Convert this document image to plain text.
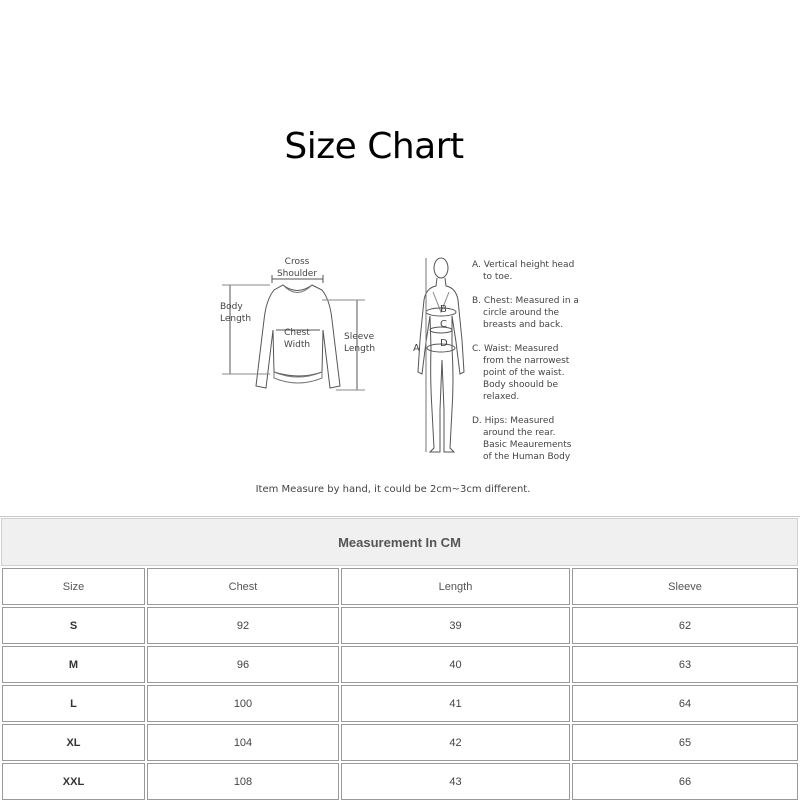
Size Chart
Cross
Shoulder
Body
Length
Chest
Width
Sleeve
Length	A
B
C
D
A. Vertical height head
to toe.
B. Chest: Measured in a
circle around the
breasts and back.
C. Waist: Measured
from the narrowest
point of the waist.
Body shoould be
relaxed.
D. Hips: Measured
around the rear.
Basic Meaurements
of the Human Body
Item Measure by hand, it could be 2cm~3cm different.
Measurement In CM
Size	Chest	Length	Sleeve
S	92	39	62
M	96	40	63
L	100	41	64
XL	104	42	65
XXL	108	43	66
